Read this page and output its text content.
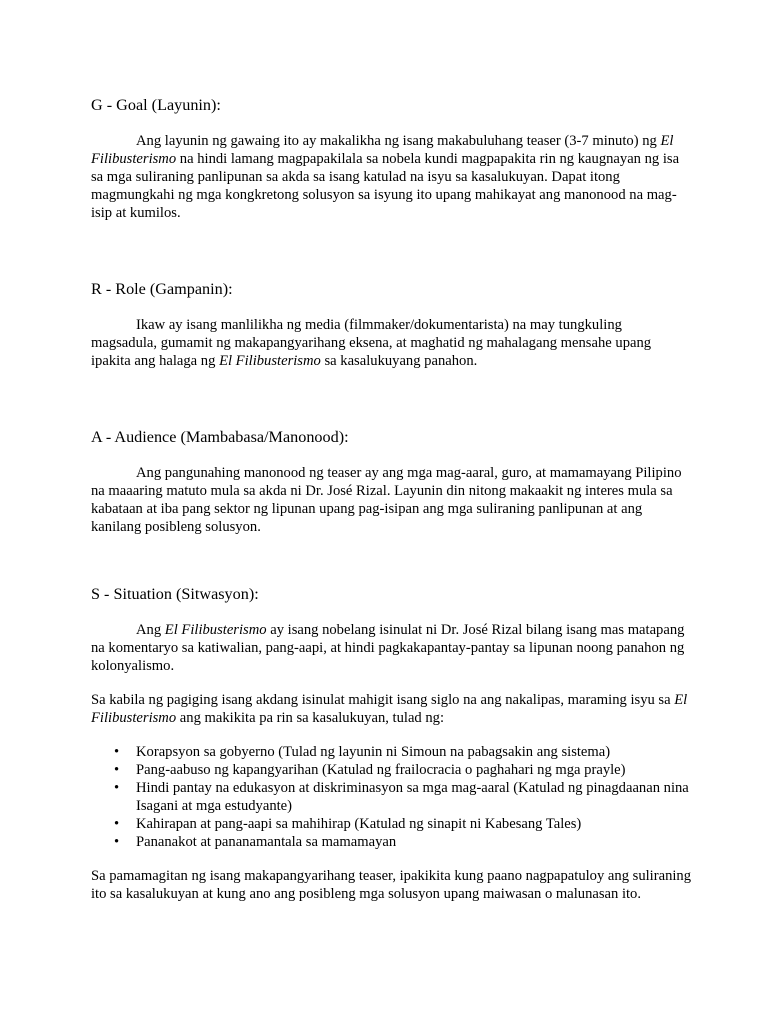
G - Goal (Layunin):

Ang layunin ng gawaing ito ay makalikha ng isang makabuluhang teaser (3-7 minuto) ng El Filibusterismo na hindi lamang magpapakilala sa nobela kundi magpapakita rin ng kaugnayan ng isa sa mga suliraning panlipunan sa akda sa isang katulad na isyu sa kasalukuyan. Dapat itong magmungkahi ng mga kongkretong solusyon sa isyung ito upang mahikayat ang manonood na mag-isip at kumilos.

R - Role (Gampanin):

Ikaw ay isang manlilikha ng media (filmmaker/dokumentarista) na may tungkuling magsadula, gumamit ng makapangyarihang eksena, at maghatid ng mahalagang mensahe upang ipakita ang halaga ng El Filibusterismo sa kasalukuyang panahon.

A - Audience (Mambabasa/Manonood):

Ang pangunahing manonood ng teaser ay ang mga mag-aaral, guro, at mamamayang Pilipino na maaaring matuto mula sa akda ni Dr. José Rizal. Layunin din nitong makaakit ng interes mula sa kabataan at iba pang sektor ng lipunan upang pag-isipan ang mga suliraning panlipunan at ang kanilang posibleng solusyon.

S - Situation (Sitwasyon):

Ang El Filibusterismo ay isang nobelang isinulat ni Dr. José Rizal bilang isang mas matapang na komentaryo sa katiwalian, pang-aapi, at hindi pagkakapantay-pantay sa lipunan noong panahon ng kolonyalismo.

Sa kabila ng pagiging isang akdang isinulat mahigit isang siglo na ang nakalipas, maraming isyu sa El Filibusterismo ang makikita pa rin sa kasalukuyan, tulad ng:

• Korapsyon sa gobyerno (Tulad ng layunin ni Simoun na pabagsakin ang sistema)
• Pang-aabuso ng kapangyarihan (Katulad ng frailocracia o paghahari ng mga prayle)
• Hindi pantay na edukasyon at diskriminasyon sa mga mag-aaral (Katulad ng pinagdaanan nina Isagani at mga estudyante)
• Kahirapan at pang-aapi sa mahihirap (Katulad ng sinapit ni Kabesang Tales)
• Pananakot at pananamantala sa mamamayan

Sa pamamagitan ng isang makapangyarihang teaser, ipakikita kung paano nagpapatuloy ang suliraning ito sa kasalukuyan at kung ano ang posibleng mga solusyon upang maiwasan o malunasan ito.
